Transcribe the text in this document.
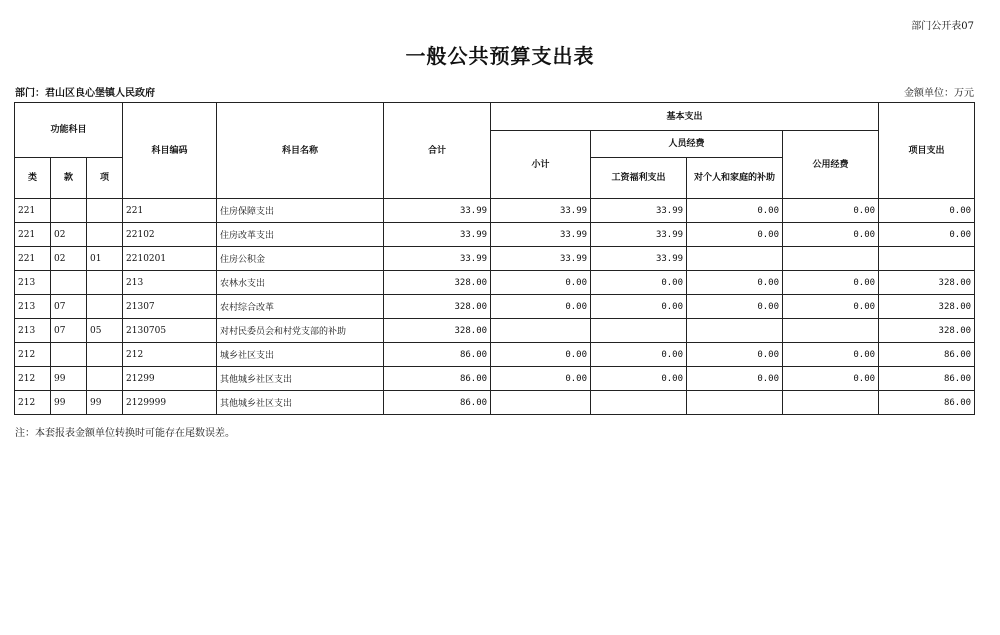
部门公开表07
一般公共预算支出表
部门：君山区良心堡镇人民政府	金额单位：万元
功能科目			科目编码	科目名称	合计	基本支出				项目支出
						小计	人员经费		公用经费	
类	款	项					工资福利支出	对个人和家庭的补助		
221			221	住房保障支出	33.99	33.99	33.99	0.00	0.00	0.00
221	02		22102	住房改革支出	33.99	33.99	33.99	0.00	0.00	0.00
221	02	01	2210201	住房公积金	33.99	33.99	33.99			
213			213	农林水支出	328.00	0.00	0.00	0.00	0.00	328.00
213	07		21307	农村综合改革	328.00	0.00	0.00	0.00	0.00	328.00
213	07	05	2130705	对村民委员会和村党支部的补助	328.00					328.00
212			212	城乡社区支出	86.00	0.00	0.00	0.00	0.00	86.00
212	99		21299	其他城乡社区支出	86.00	0.00	0.00	0.00	0.00	86.00
212	99	99	2129999	其他城乡社区支出	86.00					86.00
注：本套报表金额单位转换时可能存在尾数误差。
